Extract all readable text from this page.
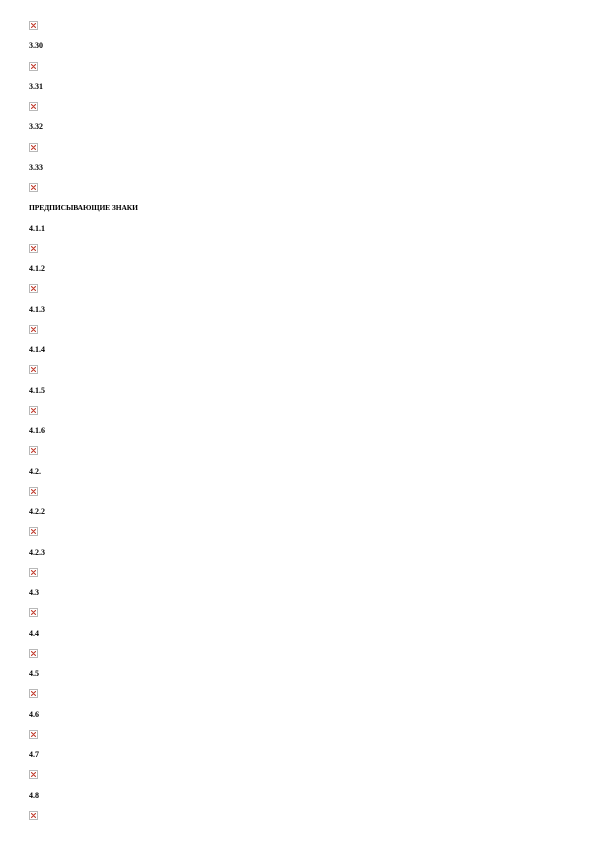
3.30
3.31
3.32
3.33
ПРЕДПИСЫВАЮЩИЕ ЗНАКИ
4.1.1
4.1.2
4.1.3
4.1.4
4.1.5
4.1.6
4.2.
4.2.2
4.2.3
4.3
4.4
4.5
4.6
4.7
4.8
